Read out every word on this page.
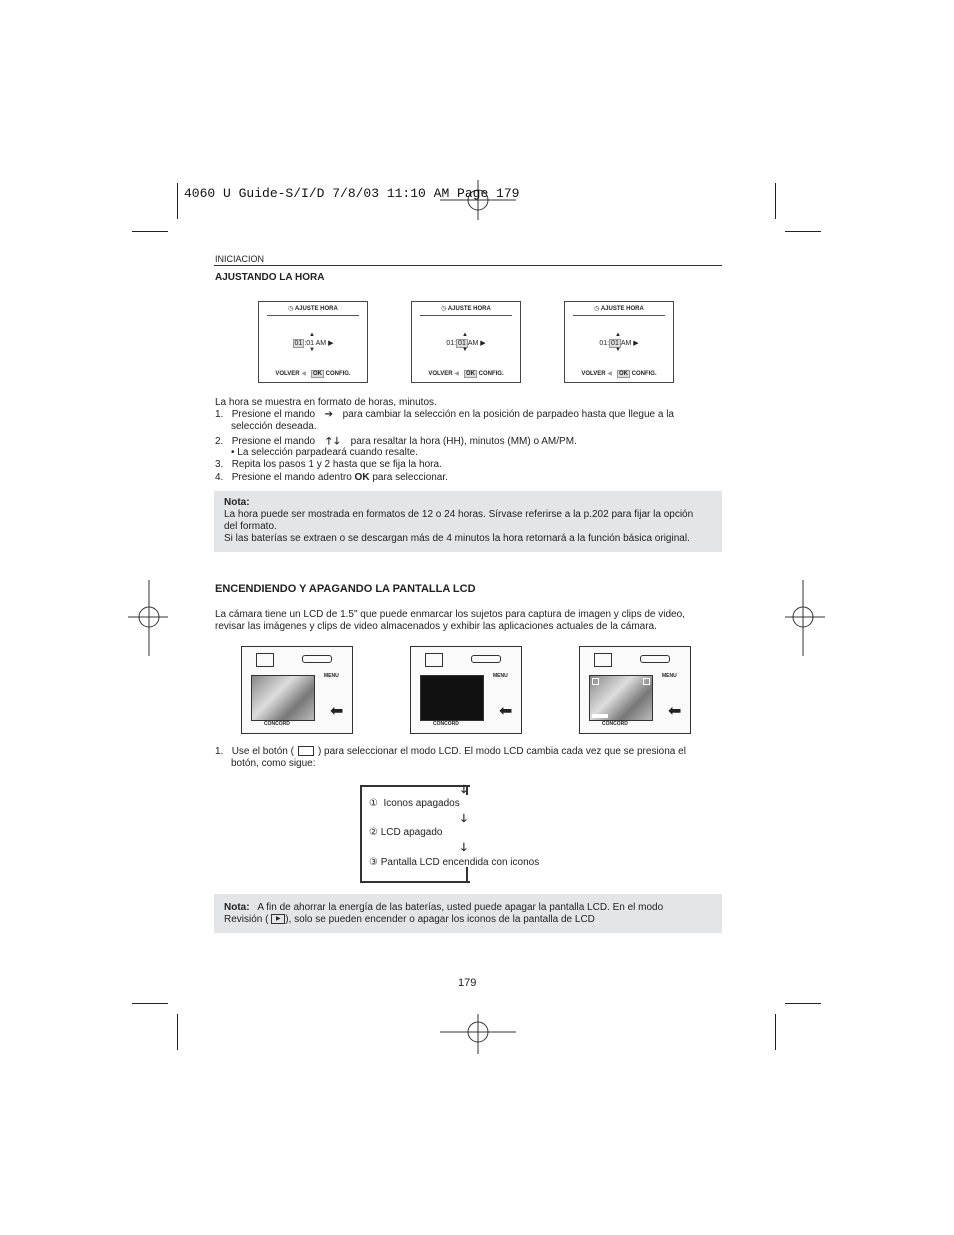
4060 U Guide-S/I/D 7/8/03 11:10 AM Page 179
INICIACION
AJUSTANDO LA HORA
◷ AJUSTE HORA
▲
01 :01 AM ▶
▼
VOLVER ◀ OK CONFIG.
◷ AJUSTE HORA
▲
01: 01 AM ▶
▼
VOLVER ◀ OK CONFIG.
◷ AJUSTE HORA
▲
01: 01 AM ▶
▼
VOLVER ◀ OK CONFIG.
La hora se muestra en formato de horas, minutos.
1. Presione el mando ➔ para cambiar la selección en la posición de parpadeo hasta que llegue a la
selección deseada.
2. Presione el mando 🡑 🡓 para resaltar la hora (HH), minutos (MM) o AM/PM.
• La selección parpadeará cuando resalte.
3. Repita los pasos 1 y 2 hasta que se fija la hora.
4. Presione el mando adentro OK para seleccionar.
Nota:
La hora puede ser mostrada en formatos de 12 o 24 horas. Sírvase referirse a la p.202 para fijar la opción
del formato.
Si las baterías se extraen o se descargan más de 4 minutos la hora retornará a la función básica original.
ENCENDIENDO Y APAGANDO LA PANTALLA LCD
La cámara tiene un LCD de 1.5" que puede enmarcar los sujetos para captura de imagen y clips de video,
revisar las imágenes y clips de video almacenados y exhibir las aplicaciones actuales de la cámara.
MENU
CONCORD
⬅
MENU
CONCORD
⬅
MENU
CONCORD
⬅
1. Use el botón ( ) para seleccionar el modo LCD. El modo LCD cambia cada vez que se presiona el
botón, como sigue:
🡓
🡓
🡓
① Iconos apagados
② LCD apagado
③ Pantalla LCD encendida con iconos
Nota: A fin de ahorrar la energía de las baterías, usted puede apagar la pantalla LCD. En el modo
Revisión ( ▶ ), solo se pueden encender o apagar los iconos de la pantalla de LCD
179
